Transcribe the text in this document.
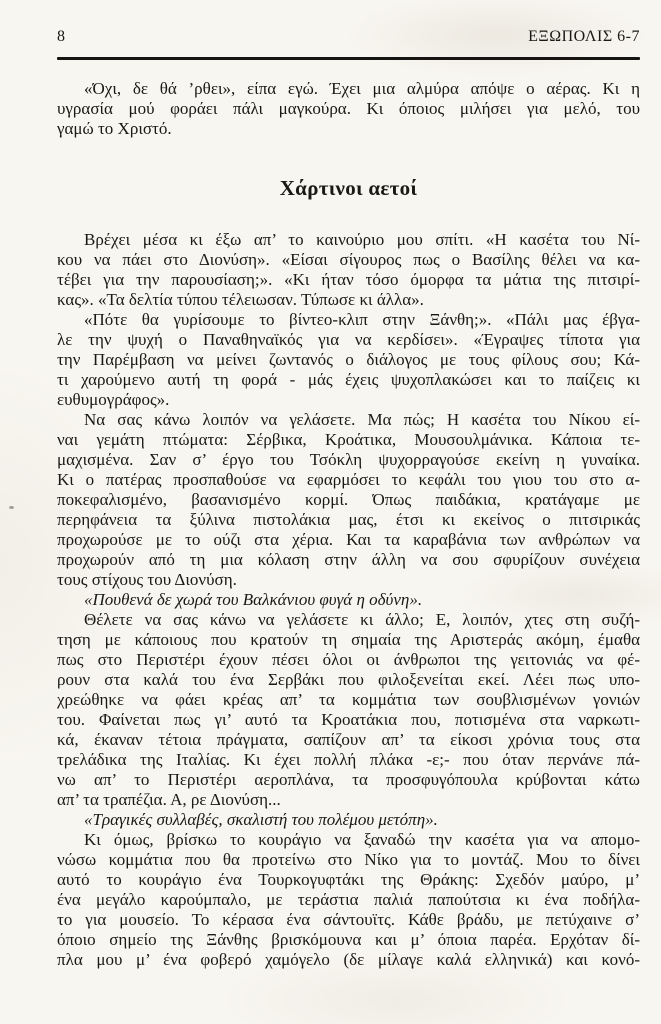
8	ΕΞΩΠΟΛΙΣ 6-7

«Όχι, δε θά ’ρθει», είπα εγώ. Έχει μια αλμύρα απόψε ο αέρας. Κι η
υγρασία μού φοράει πάλι μαγκούρα. Κι όποιος μιλήσει για μελό, του
γαμώ το Χριστό.

Χάρτινοι αετοί

Βρέχει μέσα κι έξω απ’ το καινούριο μου σπίτι. «Η κασέτα του Νί-
κου να πάει στο Διονύση». «Είσαι σίγουρος πως ο Βασίλης θέλει να κα-
τέβει για την παρουσίαση;». «Κι ήταν τόσο όμορφα τα μάτια της πιτσιρί-
κας». «Τα δελτία τύπου τέλειωσαν. Τύπωσε κι άλλα».

«Πότε θα γυρίσουμε το βίντεο-κλιπ στην Ξάνθη;». «Πάλι μας έβγα-
λε την ψυχή ο Παναθηναϊκός για να κερδίσει». «Έγραψες τίποτα για
την Παρέμβαση να μείνει ζωντανός ο διάλογος με τους φίλους σου; Κά-
τι χαρούμενο αυτή τη φορά - μάς έχεις ψυχοπλακώσει και το παίζεις κι
ευθυμογράφος».

Να σας κάνω λοιπόν να γελάσετε. Μα πώς; Η κασέτα του Νίκου εί-
ναι γεμάτη πτώματα: Σέρβικα, Κροάτικα, Μουσουλμάνικα. Κάποια τε-
μαχισμένα. Σαν σ’ έργο του Τσόκλη ψυχορραγούσε εκείνη η γυναίκα.
Κι ο πατέρας προσπαθούσε να εφαρμόσει το κεφάλι του γιου του στο α-
ποκεφαλισμένο, βασανισμένο κορμί. Όπως παιδάκια, κρατάγαμε με
περηφάνεια τα ξύλινα πιστολάκια μας, έτσι κι εκείνος ο πιτσιρικάς
προχωρούσε με το ούζι στα χέρια. Και τα καραβάνια των ανθρώπων να
προχωρούν από τη μια κόλαση στην άλλη να σου σφυρίζουν συνέχεια
τους στίχους του Διονύση.

«Πουθενά δε χωρά του Βαλκάνιου φυγά η οδύνη».

Θέλετε να σας κάνω να γελάσετε κι άλλο; Ε, λοιπόν, χτες στη συζή-
τηση με κάποιους που κρατούν τη σημαία της Αριστεράς ακόμη, έμαθα
πως στο Περιστέρι έχουν πέσει όλοι οι άνθρωποι της γειτονιάς να φέ-
ρουν στα καλά του ένα Σερβάκι που φιλοξενείται εκεί. Λέει πως υπο-
χρεώθηκε να φάει κρέας απ’ τα κομμάτια των σουβλισμένων γονιών
του. Φαίνεται πως γι’ αυτό τα Κροατάκια που, ποτισμένα στα ναρκωτι-
κά, έκαναν τέτοια πράγματα, σαπίζουν απ’ τα είκοσι χρόνια τους στα
τρελάδικα της Ιταλίας. Κι έχει πολλή πλάκα -ε;- που όταν περνάνε πά-
νω απ’ το Περιστέρι αεροπλάνα, τα προσφυγόπουλα κρύβονται κάτω
απ’ τα τραπέζια. Α, ρε Διονύση...

«Τραγικές συλλαβές, σκαλιστή του πολέμου μετόπη».

Κι όμως, βρίσκω το κουράγιο να ξαναδώ την κασέτα για να απομο-
νώσω κομμάτια που θα προτείνω στο Νίκο για το μοντάζ. Μου το δίνει
αυτό το κουράγιο ένα Τουρκογυφτάκι της Θράκης: Σχεδόν μαύρο, μ’
ένα μεγάλο καρούμπαλο, με τεράστια παλιά παπούτσια κι ένα ποδήλα-
το για μουσείο. Το κέρασα ένα σάντουϊτς. Κάθε βράδυ, με πετύχαινε σ’
όποιο σημείο της Ξάνθης βρισκόμουνα και μ’ όποια παρέα. Ερχόταν δί-
πλα μου μ’ ένα φοβερό χαμόγελο (δε μίλαγε καλά ελληνικά) και κονό-
